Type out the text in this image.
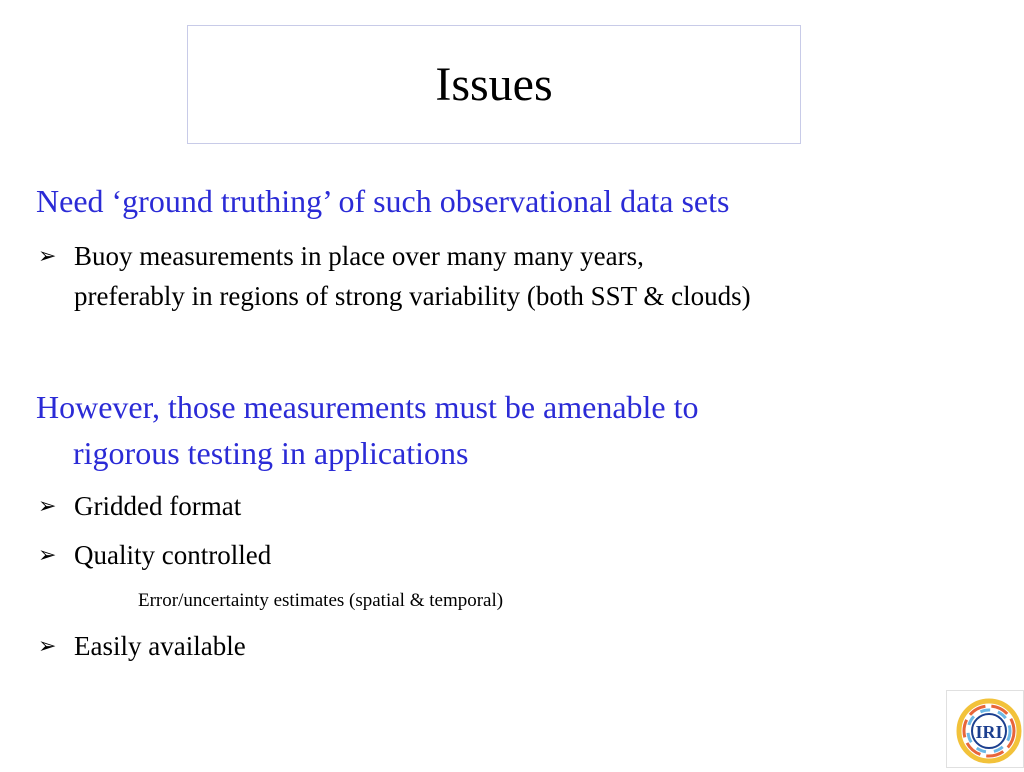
Issues
Need ‘ground truthing’ of such observational data sets
➢ Buoy measurements in place over many many years,
preferably in regions of strong variability (both SST & clouds)
However, those measurements must be amenable to
rigorous testing in applications
➢ Gridded format
➢ Quality controlled
Error/uncertainty estimates (spatial & temporal)
➢ Easily available
IRI
